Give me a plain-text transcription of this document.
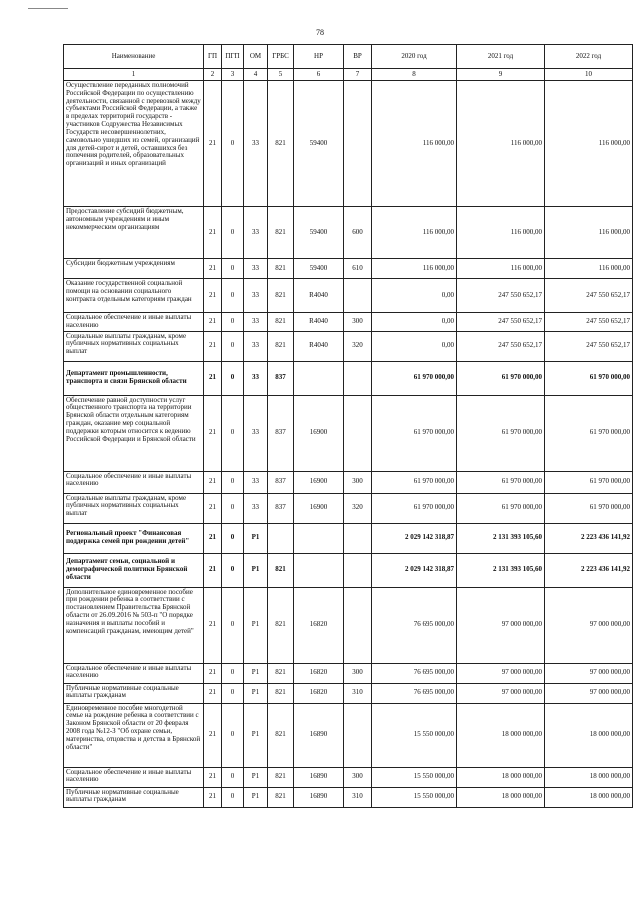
78
Наименование	ГП	ПГП	ОМ	ГРБС	НР	ВР	2020 год	2021 год	2022 год
1	2	3	4	5	6	7	8	9	10
Осуществление переданных полномочий Российской Федерации по осуществлению деятельности, связанной с перевозкой между субъектами Российской Федерации, а также в пределах территорий государств - участников Содружества Независимых Государств несовершеннолетних, самовольно ушедших из семей, организаций для детей-сирот и детей, оставшихся без попечения родителей, образовательных организаций и иных организаций	21	0	33	821	59400		116 000,00	116 000,00	116 000,00
Предоставление субсидий бюджетным, автономным учреждениям и иным некоммерческим организациям	21	0	33	821	59400	600	116 000,00	116 000,00	116 000,00
Субсидии бюджетным учреждениям	21	0	33	821	59400	610	116 000,00	116 000,00	116 000,00
Оказание государственной социальной помощи на основании социального контракта отдельным категориям граждан	21	0	33	821	R4040		0,00	247 550 652,17	247 550 652,17
Социальное обеспечение и иные выплаты населению	21	0	33	821	R4040	300	0,00	247 550 652,17	247 550 652,17
Социальные выплаты гражданам, кроме публичных нормативных социальных выплат	21	0	33	821	R4040	320	0,00	247 550 652,17	247 550 652,17
Департамент промышленности, транспорта и связи Брянской области	21	0	33	837			61 970 000,00	61 970 000,00	61 970 000,00
Обеспечение равной доступности услуг общественного транспорта на территории Брянской области отдельным категориям граждан, оказание мер социальной поддержки которым относится к ведению Российской Федерации и Брянской области	21	0	33	837	16900		61 970 000,00	61 970 000,00	61 970 000,00
Социальное обеспечение и иные выплаты населению	21	0	33	837	16900	300	61 970 000,00	61 970 000,00	61 970 000,00
Социальные выплаты гражданам, кроме публичных нормативных социальных выплат	21	0	33	837	16900	320	61 970 000,00	61 970 000,00	61 970 000,00
Региональный проект "Финансовая поддержка семей при рождении детей"	21	0	P1				2 029 142 318,87	2 131 393 105,60	2 223 436 141,92
Департамент семьи, социальной и демографической политики Брянской области	21	0	P1	821			2 029 142 318,87	2 131 393 105,60	2 223 436 141,92
Дополнительное единовременное пособие при рождении ребенка в соответствии с постановлением Правительства Брянской области от 26.09.2016 № 503-п "О порядке назначения и выплаты пособий и компенсаций гражданам, имеющим детей"	21	0	P1	821	16820		76 695 000,00	97 000 000,00	97 000 000,00
Социальное обеспечение и иные выплаты населению	21	0	P1	821	16820	300	76 695 000,00	97 000 000,00	97 000 000,00
Публичные нормативные социальные выплаты гражданам	21	0	P1	821	16820	310	76 695 000,00	97 000 000,00	97 000 000,00
Единовременное пособие многодетной семье на рождение ребенка в соответствии с Законом Брянской области от 20 февраля 2008 года №12-З "Об охране семьи, материнства, отцовства и детства в Брянской области"	21	0	P1	821	16890		15 550 000,00	18 000 000,00	18 000 000,00
Социальное обеспечение и иные выплаты населению	21	0	P1	821	16890	300	15 550 000,00	18 000 000,00	18 000 000,00
Публичные нормативные социальные выплаты гражданам	21	0	P1	821	16890	310	15 550 000,00	18 000 000,00	18 000 000,00
